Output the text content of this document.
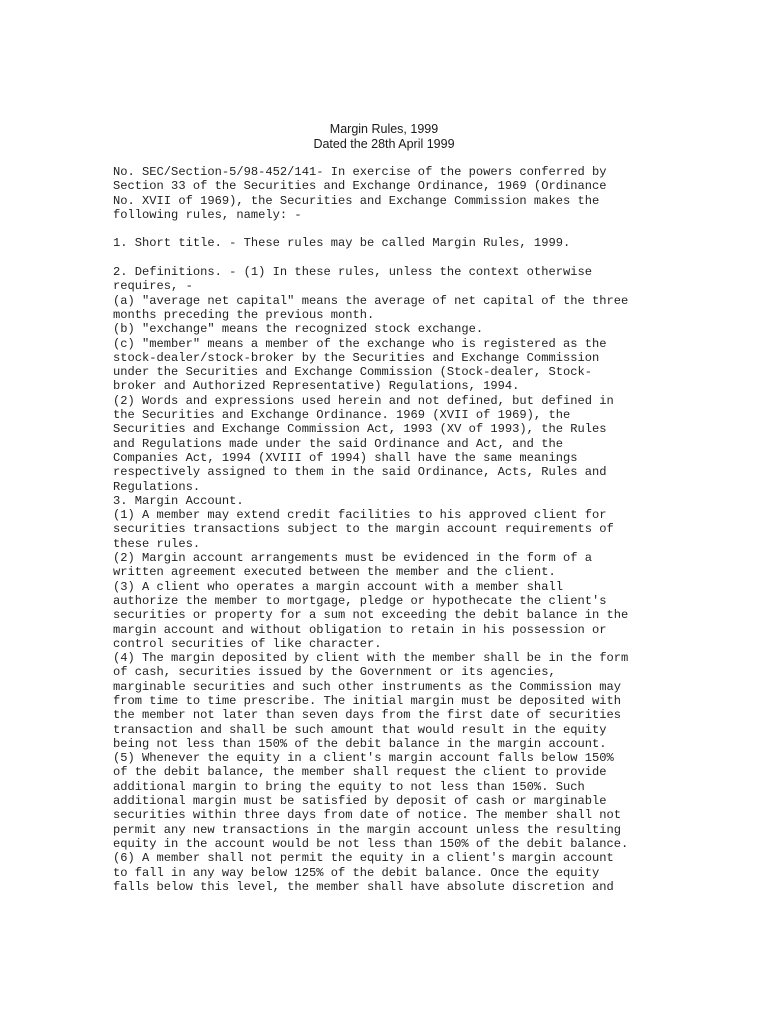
Margin Rules, 1999
Dated the 28th April 1999
No. SEC/Section-5/98-452/141- In exercise of the powers conferred by
Section 33 of the Securities and Exchange Ordinance, 1969 (Ordinance
No. XVII of 1969), the Securities and Exchange Commission makes the
following rules, namely: -

1. Short title. - These rules may be called Margin Rules, 1999.

2. Definitions. - (1) In these rules, unless the context otherwise
requires, -
(a) "average net capital" means the average of net capital of the three
months preceding the previous month.
(b) "exchange" means the recognized stock exchange.
(c) "member" means a member of the exchange who is registered as the
stock-dealer/stock-broker by the Securities and Exchange Commission
under the Securities and Exchange Commission (Stock-dealer, Stock-
broker and Authorized Representative) Regulations, 1994.
(2) Words and expressions used herein and not defined, but defined in
the Securities and Exchange Ordinance. 1969 (XVII of 1969), the
Securities and Exchange Commission Act, 1993 (XV of 1993), the Rules
and Regulations made under the said Ordinance and Act, and the
Companies Act, 1994 (XVIII of 1994) shall have the same meanings
respectively assigned to them in the said Ordinance, Acts, Rules and
Regulations.
3. Margin Account.
(1) A member may extend credit facilities to his approved client for
securities transactions subject to the margin account requirements of
these rules.
(2) Margin account arrangements must be evidenced in the form of a
written agreement executed between the member and the client.
(3) A client who operates a margin account with a member shall
authorize the member to mortgage, pledge or hypothecate the client's
securities or property for a sum not exceeding the debit balance in the
margin account and without obligation to retain in his possession or
control securities of like character.
(4) The margin deposited by client with the member shall be in the form
of cash, securities issued by the Government or its agencies,
marginable securities and such other instruments as the Commission may
from time to time prescribe. The initial margin must be deposited with
the member not later than seven days from the first date of securities
transaction and shall be such amount that would result in the equity
being not less than 150% of the debit balance in the margin account.
(5) Whenever the equity in a client's margin account falls below 150%
of the debit balance, the member shall request the client to provide
additional margin to bring the equity to not less than 150%. Such
additional margin must be satisfied by deposit of cash or marginable
securities within three days from date of notice. The member shall not
permit any new transactions in the margin account unless the resulting
equity in the account would be not less than 150% of the debit balance.
(6) A member shall not permit the equity in a client's margin account
to fall in any way below 125% of the debit balance. Once the equity
falls below this level, the member shall have absolute discretion and
